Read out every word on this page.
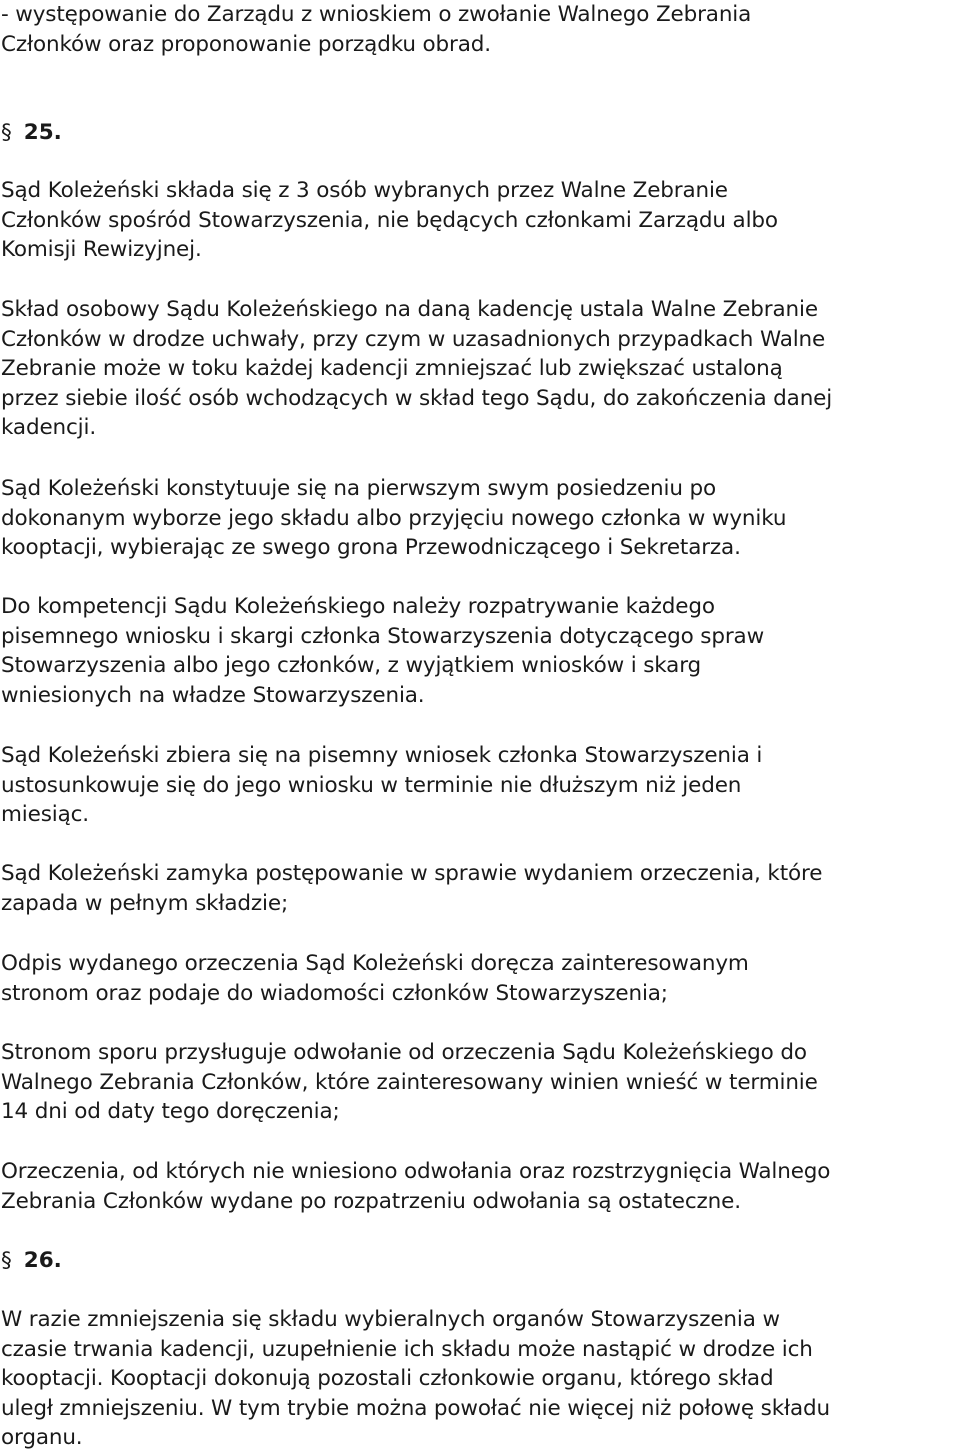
- występowanie do Zarządu z wnioskiem o zwołanie Walnego Zebrania
Członków oraz proponowanie porządku obrad.

§ 25.

Sąd Koleżeński składa się z 3 osób wybranych przez Walne Zebranie
Członków spośród Stowarzyszenia, nie będących członkami Zarządu albo
Komisji Rewizyjnej.

Skład osobowy Sądu Koleżeńskiego na daną kadencję ustala Walne Zebranie
Członków w drodze uchwały, przy czym w uzasadnionych przypadkach Walne
Zebranie może w toku każdej kadencji zmniejszać lub zwiększać ustaloną
przez siebie ilość osób wchodzących w skład tego Sądu, do zakończenia danej
kadencji.

Sąd Koleżeński konstytuuje się na pierwszym swym posiedzeniu po
dokonanym wyborze jego składu albo przyjęciu nowego członka w wyniku
kooptacji, wybierając ze swego grona Przewodniczącego i Sekretarza.

Do kompetencji Sądu Koleżeńskiego należy rozpatrywanie każdego
pisemnego wniosku i skargi członka Stowarzyszenia dotyczącego spraw
Stowarzyszenia albo jego członków, z wyjątkiem wniosków i skarg
wniesionych na władze Stowarzyszenia.

Sąd Koleżeński zbiera się na pisemny wniosek członka Stowarzyszenia i
ustosunkowuje się do jego wniosku w terminie nie dłuższym niż jeden
miesiąc.

Sąd Koleżeński zamyka postępowanie w sprawie wydaniem orzeczenia, które
zapada w pełnym składzie;

Odpis wydanego orzeczenia Sąd Koleżeński doręcza zainteresowanym
stronom oraz podaje do wiadomości członków Stowarzyszenia;

Stronom sporu przysługuje odwołanie od orzeczenia Sądu Koleżeńskiego do
Walnego Zebrania Członków, które zainteresowany winien wnieść w terminie
14 dni od daty tego doręczenia;

Orzeczenia, od których nie wniesiono odwołania oraz rozstrzygnięcia Walnego
Zebrania Członków wydane po rozpatrzeniu odwołania są ostateczne.

§ 26.

W razie zmniejszenia się składu wybieralnych organów Stowarzyszenia w
czasie trwania kadencji, uzupełnienie ich składu może nastąpić w drodze ich
kooptacji. Kooptacji dokonują pozostali członkowie organu, którego skład
uległ zmniejszeniu. W tym trybie można powołać nie więcej niż połowę składu
organu.
